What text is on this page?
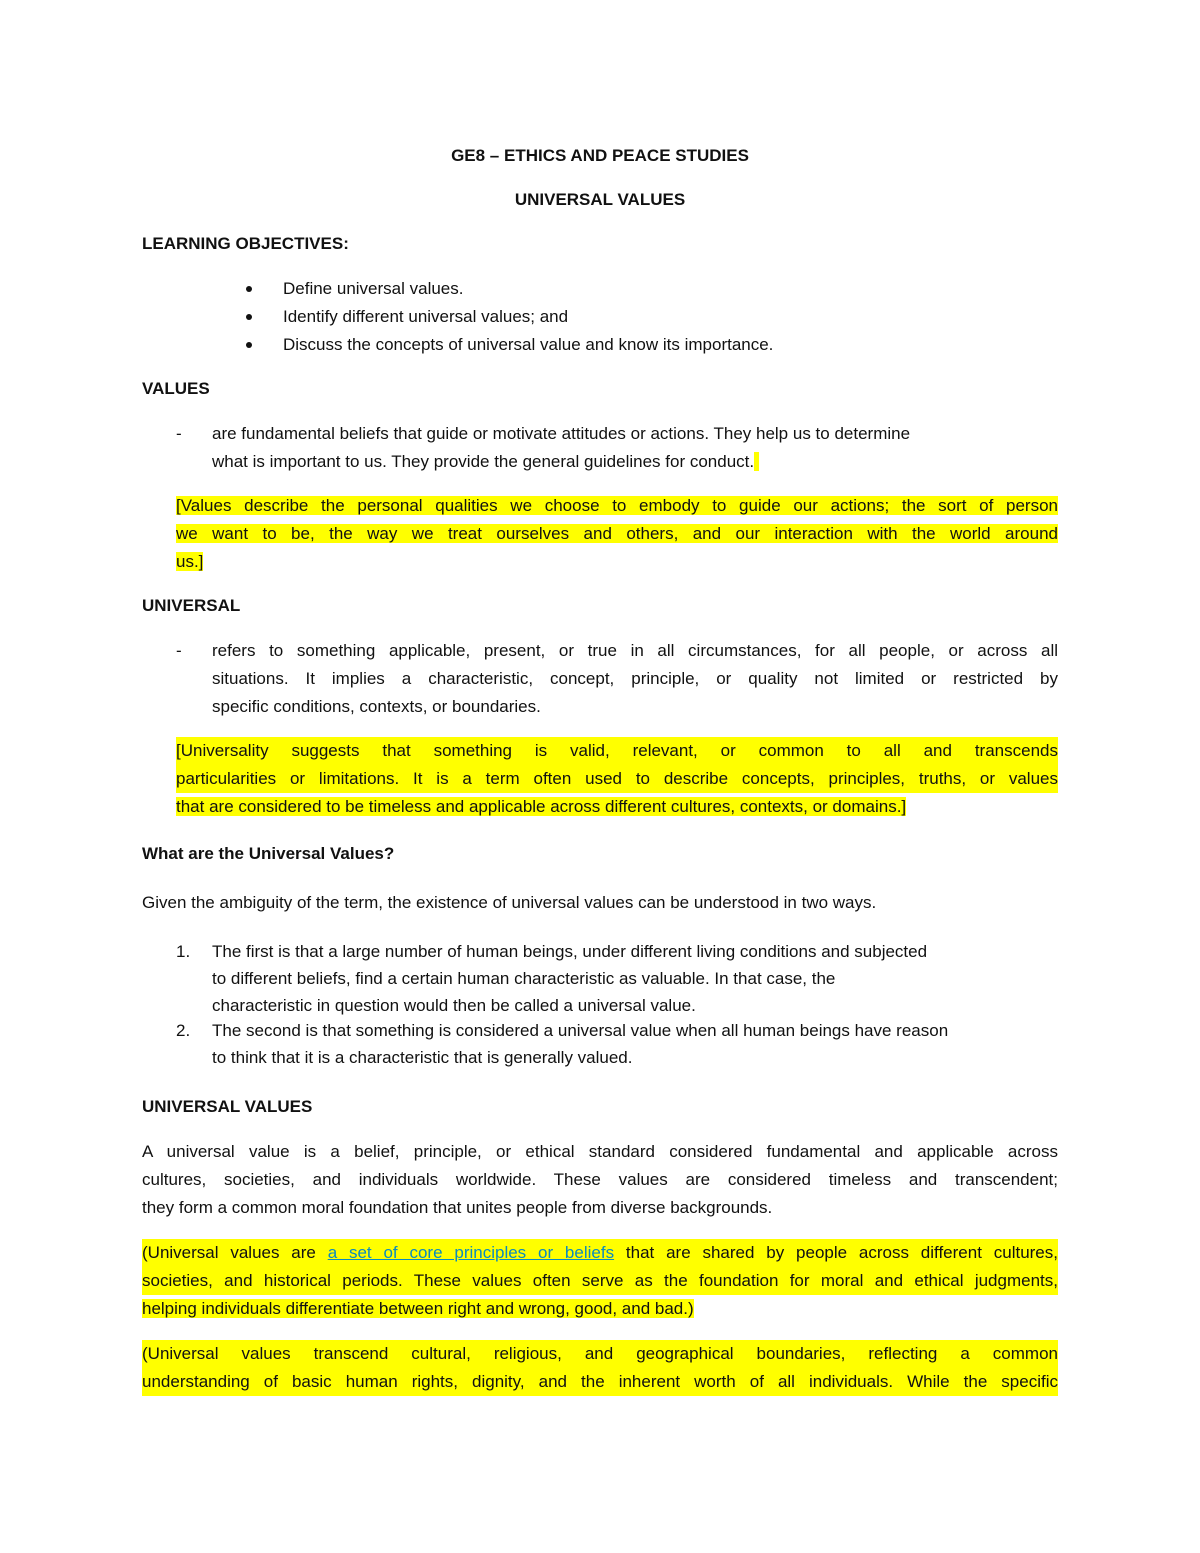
GE8 – ETHICS AND PEACE STUDIES
UNIVERSAL VALUES
LEARNING OBJECTIVES:
Define universal values.
Identify different universal values; and
Discuss the concepts of universal value and know its importance.
VALUES
- are fundamental beliefs that guide or motivate attitudes or actions. They help us to determine
what is important to us. They provide the general guidelines for conduct.
[Values describe the personal qualities we choose to embody to guide our actions; the sort of person
we want to be, the way we treat ourselves and others, and our interaction with the world around
us.]
UNIVERSAL
- refers to something applicable, present, or true in all circumstances, for all people, or across all
situations. It implies a characteristic, concept, principle, or quality not limited or restricted by
specific conditions, contexts, or boundaries.
[Universality suggests that something is valid, relevant, or common to all and transcends
particularities or limitations. It is a term often used to describe concepts, principles, truths, or values
that are considered to be timeless and applicable across different cultures, contexts, or domains.]
What are the Universal Values?
Given the ambiguity of the term, the existence of universal values can be understood in two ways.
1. The first is that a large number of human beings, under different living conditions and subjected
to different beliefs, find a certain human characteristic as valuable. In that case, the
characteristic in question would then be called a universal value.
2. The second is that something is considered a universal value when all human beings have reason
to think that it is a characteristic that is generally valued.
UNIVERSAL VALUES
A universal value is a belief, principle, or ethical standard considered fundamental and applicable across
cultures, societies, and individuals worldwide. These values are considered timeless and transcendent;
they form a common moral foundation that unites people from diverse backgrounds.
(Universal values are a set of core principles or beliefs that are shared by people across different cultures,
societies, and historical periods. These values often serve as the foundation for moral and ethical judgments,
helping individuals differentiate between right and wrong, good, and bad.)
(Universal values transcend cultural, religious, and geographical boundaries, reflecting a common
understanding of basic human rights, dignity, and the inherent worth of all individuals. While the specific
